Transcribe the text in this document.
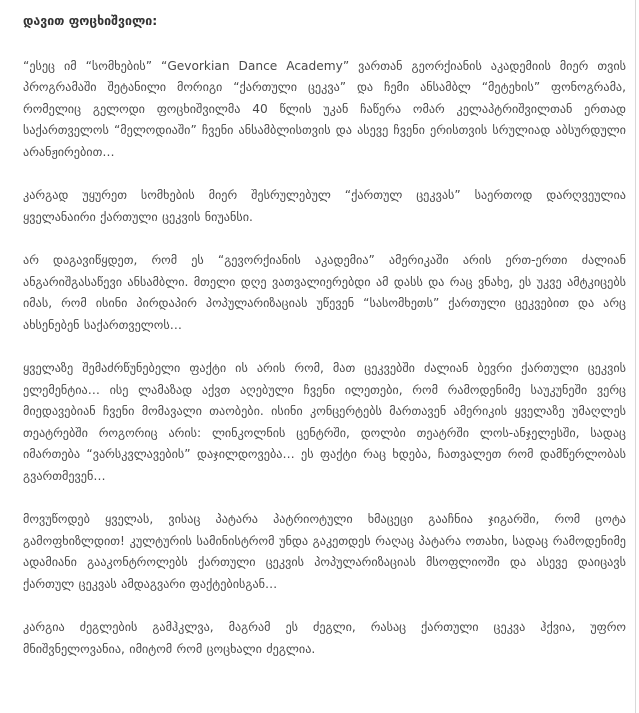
დავით ფოცხიშვილი:

“ესეც იმ “სომხების” “Gevorkian Dance Academy” ვართან გეორქიანის აკადემიის მიერ თვის პროგრამაში შეტანილი მორიგი “ქართული ცეკვა” და ჩემი ანსამბლ “მეტეხის” ფონოგრამა, რომელიც გელოდი ფოცხიშვილმა 40 წლის უკან ჩაწერა ომარ კელაპტრიშვილთან ერთად საქართველოს “მელოდიაში” ჩვენი ანსამბლისთვის და ასევე ჩვენი ერისთვის სრულიად აბსურდული არანჟირებით…

კარგად უყურეთ სომხების მიერ შესრულებულ “ქართულ ცეკვას” საერთოდ დარღვეულია ყველანაირი ქართული ცეკვის ნიუანსი.

არ დაგავიწყდეთ, რომ ეს “გევორქიანის აკადემია” ამერიკაში არის ერთ-ერთი ძალიან ანგარიშგასაწევი ანსამბლი. მთელი დღე ვათვალიერებდი ამ დასს და რაც ვნახე, ეს უკვე ამტკიცებს იმას, რომ ისინი პირდაპირ პოპულარიზაციას უწევენ “სასომხეთს” ქართული ცეკვებით და არც ახსენებენ საქართველოს…

ყველაზე შემაძრწუნებელი ფაქტი ის არის რომ, მათ ცეკვებში ძალიან ბევრი ქართული ცეკვის ელემენტია… ისე ლამაზად აქვთ აღებული ჩვენი ილეთები, რომ რამოდენიმე საუკუნეში ვერც მიედავებიან ჩვენი მომავალი თაობები. ისინი კონცერტებს მართავენ ამერიკის ყველაზე უმაღლეს თეატრებში როგორიც არის: ლინკოლნის ცენტრში, დოლბი თეატრში ლოს-ანჯელესში, სადაც იმართება “ვარსკვლავების” დაჯილდოვება… ეს ფაქტი რაც ხდება, ჩათვალეთ რომ დამწერლობას გვართმევენ…

მოვუწოდებ ყველას, ვისაც პატარა პატრიოტული ხმაცეცი გააჩნია ჯიგარში, რომ ცოტა გამოფხიზლდით! კულტურის სამინისტრომ უნდა გაკეთდეს რაღაც პატარა ოთახი, სადაც რამოდენიმე ადამიანი გააკონტროლებს ქართული ცეკვის პოპულარიზაციას მსოფლიოში და ასევე დაიცავს ქართულ ცეკვას ამდაგვარი ფაქტებისგან…

კარგია ძეგლების გამჰკლვა, მაგრამ ეს ძეგლი, რასაც ქართული ცეკვა ჰქვია, უფრო მნიშვნელოვანია, იმიტომ რომ ცოცხალი ძეგლია.
